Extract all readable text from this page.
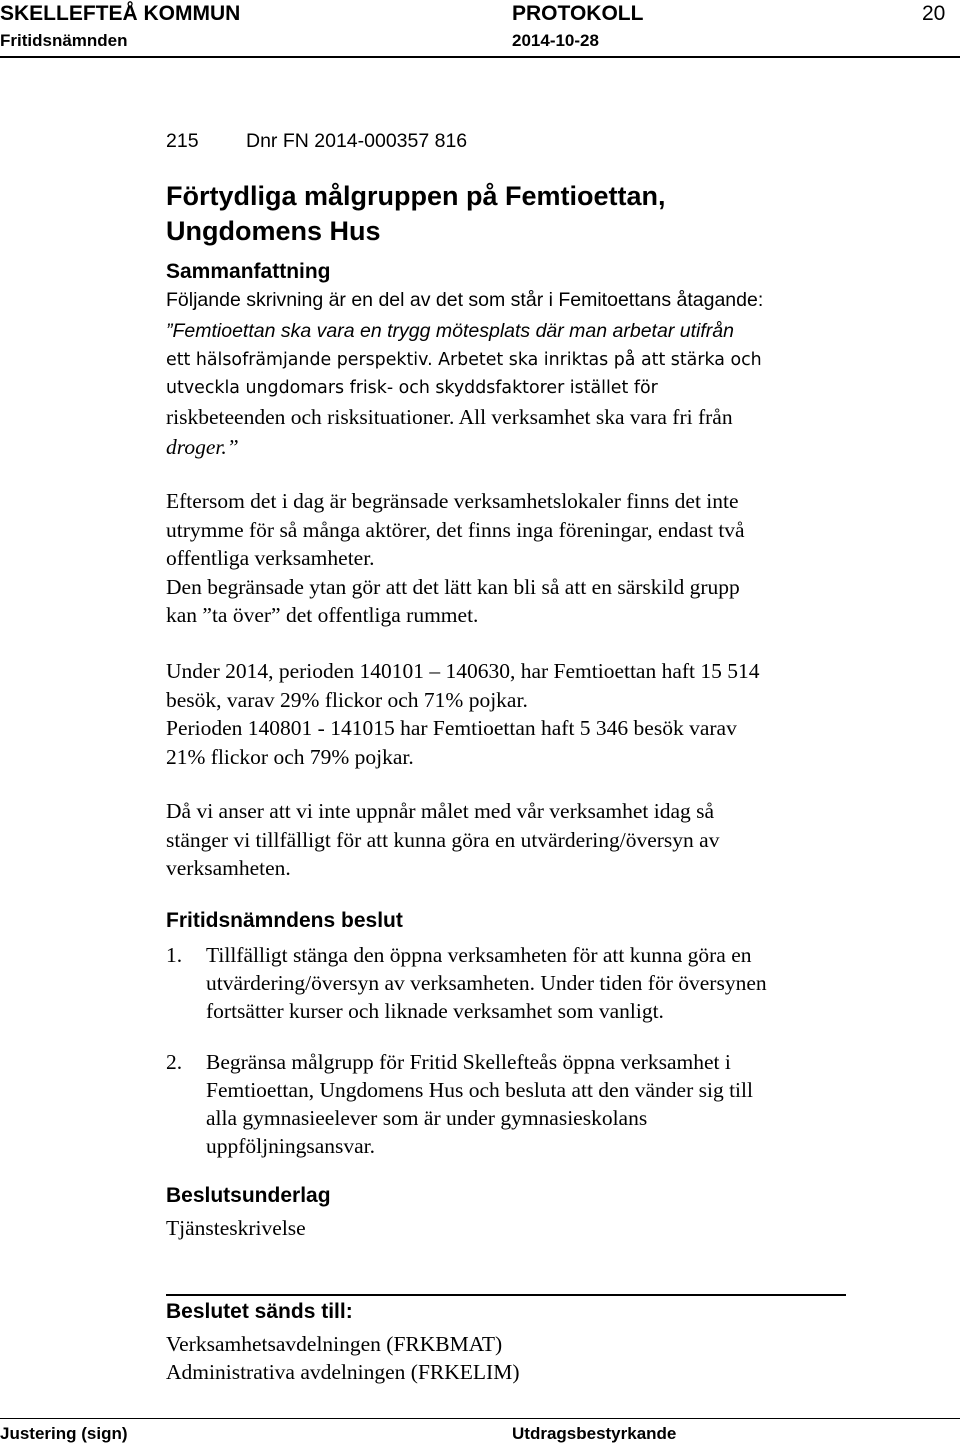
SKELLEFTEÅ KOMMUN	PROTOKOLL	20
Fritidsnämnden	2014-10-28
215 Dnr FN 2014-000357 816
Förtydliga målgruppen på Femtioettan,
Ungdomens Hus
Sammanfattning
Följande skrivning är en del av det som står i Femitoettans åtagande:
”Femtioettan ska vara en trygg mötesplats där man arbetar utifrån
ett hälsofrämjande perspektiv. Arbetet ska inriktas på att stärka och
utveckla ungdomars frisk- och skyddsfaktorer istället för
riskbeteenden och risksituationer. All verksamhet ska vara fri från
droger.”
Eftersom det i dag är begränsade verksamhetslokaler finns det inte
utrymme för så många aktörer, det finns inga föreningar, endast två
offentliga verksamheter.
Den begränsade ytan gör att det lätt kan bli så att en särskild grupp
kan ”ta över” det offentliga rummet.
Under 2014, perioden 140101 – 140630, har Femtioettan haft 15 514
besök, varav 29% flickor och 71% pojkar.
Perioden 140801 - 141015 har Femtioettan haft 5 346 besök varav
21% flickor och 79% pojkar.
Då vi anser att vi inte uppnår målet med vår verksamhet idag så
stänger vi tillfälligt för att kunna göra en utvärdering/översyn av
verksamheten.
Fritidsnämndens beslut
1. Tillfälligt stänga den öppna verksamheten för att kunna göra en
utvärdering/översyn av verksamheten. Under tiden för översynen
fortsätter kurser och liknade verksamhet som vanligt.
2. Begränsa målgrupp för Fritid Skellefteås öppna verksamhet i
Femtioettan, Ungdomens Hus och besluta att den vänder sig till
alla gymnasieelever som är under gymnasieskolans
uppföljningsansvar.
Beslutsunderlag
Tjänsteskrivelse
Beslutet sänds till:
Verksamhetsavdelningen (FRKBMAT)
Administrativa avdelningen (FRKELIM)
Justering (sign)	Utdragsbestyrkande
